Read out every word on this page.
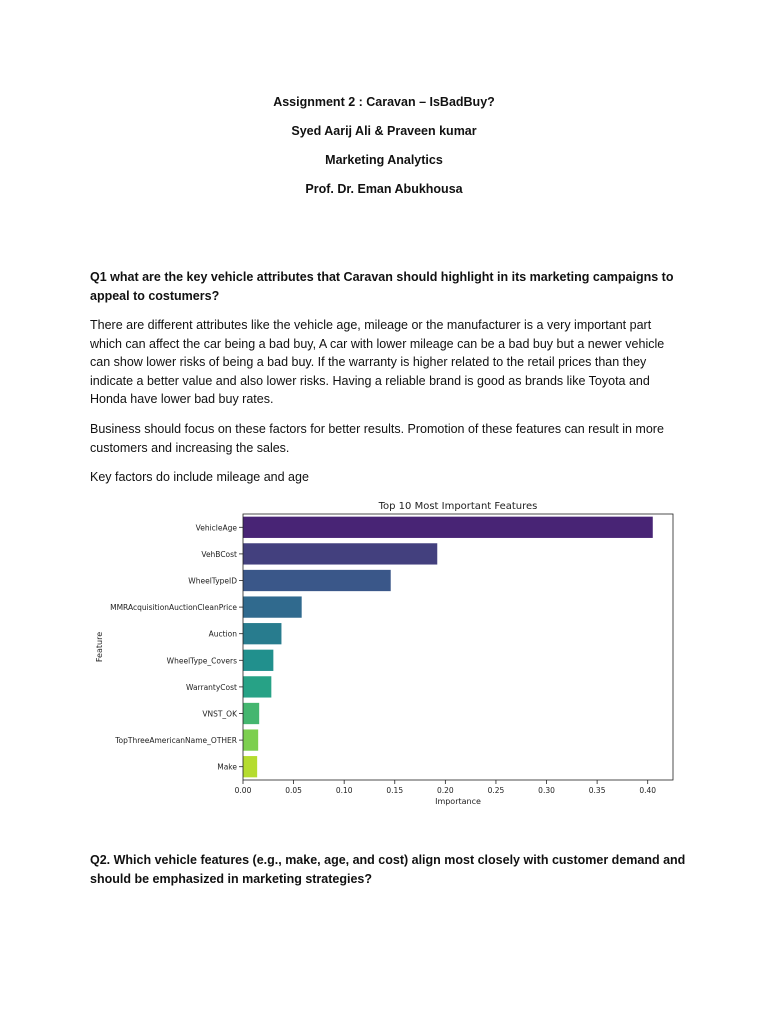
Assignment 2 : Caravan – IsBadBuy?
Syed Aarij Ali & Praveen kumar
Marketing Analytics
Prof. Dr. Eman Abukhousa
Q1 what are the key vehicle attributes that Caravan should highlight in its marketing campaigns to
appeal to costumers?
There are different attributes like the vehicle age, mileage or the manufacturer is a very important part
which can affect the car being a bad buy, A car with lower mileage can be a bad buy but a newer vehicle
can show lower risks of being a bad buy. If the warranty is higher related to the retail prices than they
indicate a better value and also lower risks. Having a reliable brand is good as brands like Toyota and
Honda have lower bad buy rates.
Business should focus on these factors for better results. Promotion of these features can result in more
customers and increasing the sales.
Key factors do include mileage and age
Top 10 Most Important Features
VehicleAge
VehBCost
WheelTypeID
MMRAcquisitionAuctionCleanPrice
Auction
WheelType_Covers
WarrantyCost
VNST_OK
TopThreeAmericanName_OTHER
Make
0.00	0.05	0.10	0.15	0.20	0.25	0.30	0.35	0.40
Importance
Feature
Q2. Which vehicle features (e.g., make, age, and cost) align most closely with customer demand and
should be emphasized in marketing strategies?
